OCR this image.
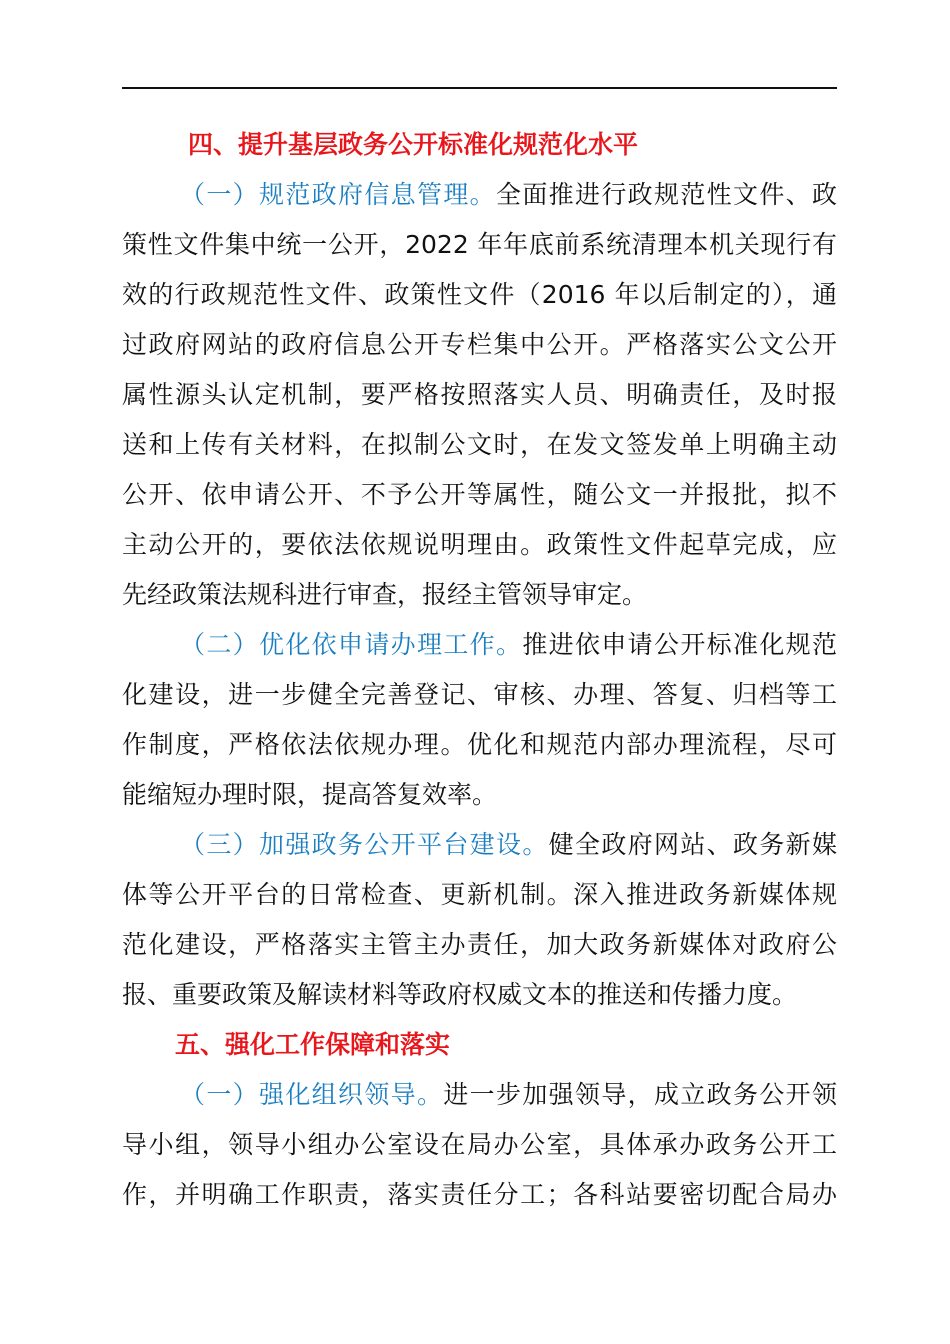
四、提升基层政务公开标准化规范化水平

（一）规范政府信息管理。全面推进行政规范性文件、政
策性文件集中统一公开，2022 年年底前系统清理本机关现行有
效的行政规范性文件、政策性文件（2016 年以后制定的），通
过政府网站的政府信息公开专栏集中公开。严格落实公文公开
属性源头认定机制，要严格按照落实人员、明确责任，及时报
送和上传有关材料，在拟制公文时，在发文签发单上明确主动
公开、依申请公开、不予公开等属性，随公文一并报批，拟不
主动公开的，要依法依规说明理由。政策性文件起草完成，应
先经政策法规科进行审查，报经主管领导审定。

（二）优化依申请办理工作。推进依申请公开标准化规范
化建设，进一步健全完善登记、审核、办理、答复、归档等工
作制度，严格依法依规办理。优化和规范内部办理流程，尽可
能缩短办理时限，提高答复效率。

（三）加强政务公开平台建设。健全政府网站、政务新媒
体等公开平台的日常检查、更新机制。深入推进政务新媒体规
范化建设，严格落实主管主办责任，加大政务新媒体对政府公
报、重要政策及解读材料等政府权威文本的推送和传播力度。

五、强化工作保障和落实

（一）强化组织领导。进一步加强领导，成立政务公开领
导小组，领导小组办公室设在局办公室，具体承办政务公开工
作，并明确工作职责，落实责任分工；各科站要密切配合局办
